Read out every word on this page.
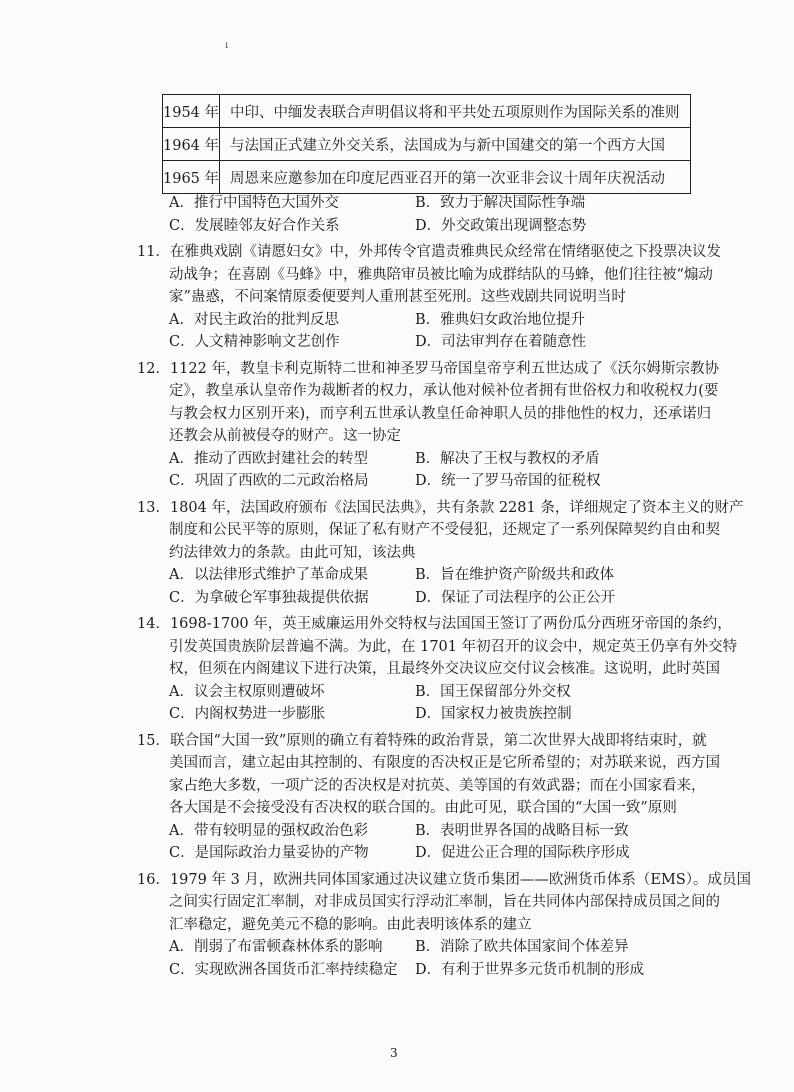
ı
1954 年	中印、中缅发表联合声明倡议将和平共处五项原则作为国际关系的准则
1964 年	与法国正式建立外交关系，法国成为与新中国建交的第一个西方大国
1965 年	周恩来应邀参加在印度尼西亚召开的第一次亚非会议十周年庆祝活动
A．推行中国特色大国外交	B．致力于解决国际性争端
C．发展睦邻友好合作关系	D．外交政策出现调整态势
11．在雅典戏剧《请愿妇女》中，外邦传令官遣责雅典民众经常在情绪驱使之下投票决议发
动战争；在喜剧《马蜂》中，雅典陪审员被比喻为成群结队的马蜂，他们往往被“煽动
家”蛊惑，不问案情原委便要判人重刑甚至死刑。这些戏剧共同说明当时
A．对民主政治的批判反思	B．雅典妇女政治地位提升
C．人文精神影响文艺创作	D．司法审判存在着随意性
12．1122 年，教皇卡利克斯特二世和神圣罗马帝国皇帝亨利五世达成了《沃尔姆斯宗教协
定》，教皇承认皇帝作为裁断者的权力，承认他对候补位者拥有世俗权力和收税权力(要
与教会权力区别开来)，而亨利五世承认教皇任命神职人员的排他性的权力，还承诺归
还教会从前被侵夺的财产。这一协定
A．推动了西欧封建社会的转型	B．解决了王权与教权的矛盾
C．巩固了西欧的二元政治格局	D．统一了罗马帝国的征税权
13．1804 年，法国政府颁布《法国民法典》，共有条款 2281 条，详细规定了资本主义的财产
制度和公民平等的原则，保证了私有财产不受侵犯，还规定了一系列保障契约自由和契
约法律效力的条款。由此可知，该法典
A．以法律形式维护了革命成果	B．旨在维护资产阶级共和政体
C．为拿破仑军事独裁提供依据	D．保证了司法程序的公正公开
14．1698-1700 年，英王威廉运用外交特权与法国国王签订了两份瓜分西班牙帝国的条约，
引发英国贵族阶层普遍不满。为此，在 1701 年初召开的议会中，规定英王仍享有外交特
权，但须在内阁建议下进行决策，且最终外交决议应交付议会核准。这说明，此时英国
A．议会主权原则遭破坏	B．国王保留部分外交权
C．内阁权势进一步膨胀	D．国家权力被贵族控制
15．联合国“大国一致”原则的确立有着特殊的政治背景，第二次世界大战即将结束时，就
美国而言，建立起由其控制的、有限度的否决权正是它所希望的；对苏联来说，西方国
家占绝大多数，一项广泛的否决权是对抗英、美等国的有效武器；而在小国家看来，
各大国是不会接受没有否决权的联合国的。由此可见，联合国的“大国一致”原则
A．带有较明显的强权政治色彩	B．表明世界各国的战略目标一致
C．是国际政治力量妥协的产物	D．促进公正合理的国际秩序形成
16．1979 年 3 月，欧洲共同体国家通过决议建立货币集团——欧洲货币体系（EMS）。成员国
之间实行固定汇率制，对非成员国实行浮动汇率制，旨在共同体内部保持成员国之间的
汇率稳定，避免美元不稳的影响。由此表明该体系的建立
A．削弱了布雷顿森林体系的影响	B．消除了欧共体国家间个体差异
C．实现欧洲各国货币汇率持续稳定	D．有利于世界多元货币机制的形成
3
